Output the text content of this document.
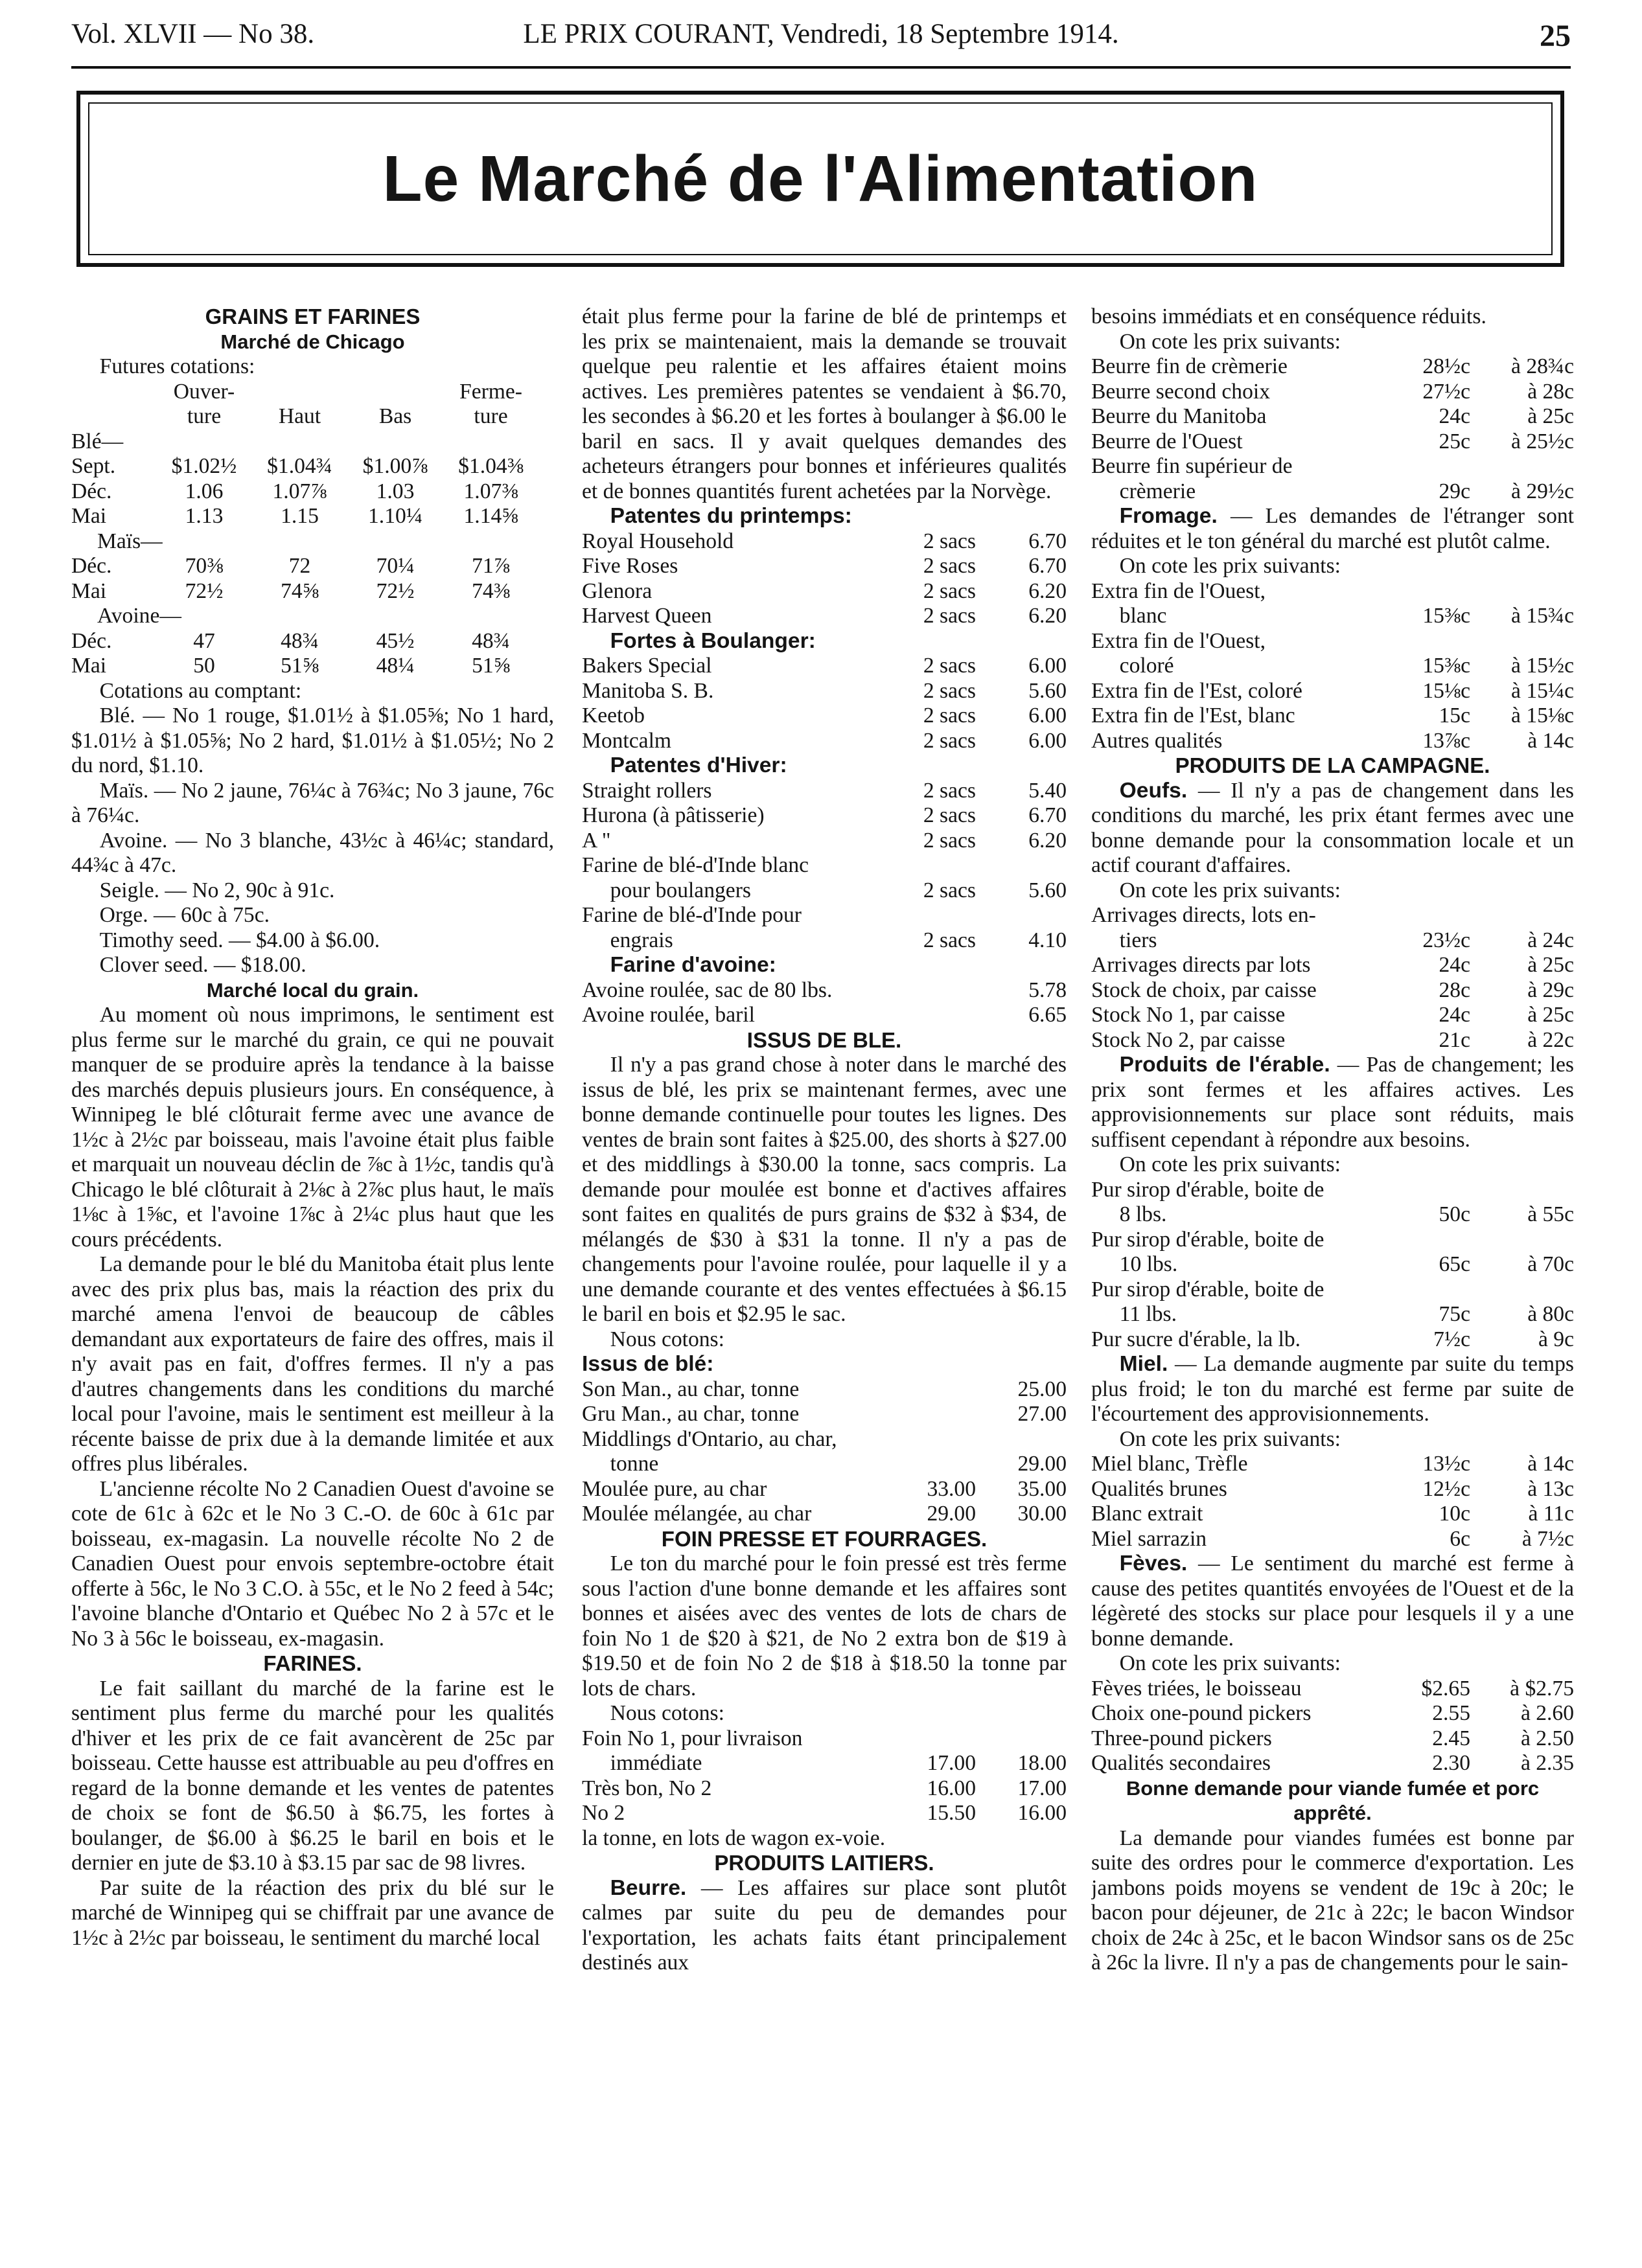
Vol. XLVII — No 38.	LE PRIX COURANT, Vendredi, 18 Septembre 1914.	25
Le Marché de l'Alimentation
GRAINS ET FARINES
Marché de Chicago
Futures cotations:
Ouver-	Ferme-
ture	Haut	Bas	ture
Blé—
Sept.	$1.02½	$1.04¾	$1.00⅞	$1.04⅜
Déc.	1.06	1.07⅞	1.03	1.07⅜
Mai	1.13	1.15	1.10¼	1.14⅝
Maïs—
Déc.	70⅜	72	70¼	71⅞
Mai	72½	74⅝	72½	74⅜
Avoine—
Déc.	47	48¾	45½	48¾
Mai	50	51⅝	48¼	51⅝
Cotations au comptant:

Blé. — No 1 rouge, $1.01½ à $1.05⅝; No 1 hard, $1.01½ à $1.05⅝; No 2 hard, $1.01½ à $1.05½; No 2 du nord, $1.10.

Maïs. — No 2 jaune, 76¼c à 76¾c; No 3 jaune, 76c à 76¼c.

Avoine. — No 3 blanche, 43½c à 46¼c; standard, 44¾c à 47c.

Seigle. — No 2, 90c à 91c.

Orge. — 60c à 75c.

Timothy seed. — $4.00 à $6.00.

Clover seed. — $18.00.

Marché local du grain.

Au moment où nous imprimons, le sentiment est plus ferme sur le marché du grain, ce qui ne pouvait manquer de se produire après la tendance à la baisse des marchés depuis plusieurs jours. En conséquence, à Winnipeg le blé clôturait ferme avec une avance de 1½c à 2½c par boisseau, mais l'avoine était plus faible et marquait un nouveau déclin de ⅞c à 1½c, tandis qu'à Chicago le blé clôturait à 2⅛c à 2⅞c plus haut, le maïs 1⅛c à 1⅝c, et l'avoine 1⅞c à 2¼c plus haut que les cours précédents.

La demande pour le blé du Manitoba était plus lente avec des prix plus bas, mais la réaction des prix du marché amena l'envoi de beaucoup de câbles demandant aux exportateurs de faire des offres, mais il n'y avait pas en fait, d'offres fermes. Il n'y a pas d'autres changements dans les conditions du marché local pour l'avoine, mais le sentiment est meilleur à la récente baisse de prix due à la demande limitée et aux offres plus libérales.

L'ancienne récolte No 2 Canadien Ouest d'avoine se cote de 61c à 62c et le No 3 C.-O. de 60c à 61c par boisseau, ex-magasin. La nouvelle récolte No 2 de Canadien Ouest pour envois septembre-octobre était offerte à 56c, le No 3 C.O. à 55c, et le No 2 feed à 54c; l'avoine blanche d'Ontario et Québec No 2 à 57c et le No 3 à 56c le boisseau, ex-magasin.

FARINES.

Le fait saillant du marché de la farine est le sentiment plus ferme du marché pour les qualités d'hiver et les prix de ce fait avancèrent de 25c par boisseau. Cette hausse est attribuable au peu d'offres en regard de la bonne demande et les ventes de patentes de choix se font de $6.50 à $6.75, les fortes à boulanger, de $6.00 à $6.25 le baril en bois et le dernier en jute de $3.10 à $3.15 par sac de 98 livres.

Par suite de la réaction des prix du blé sur le marché de Winnipeg qui se chiffrait par une avance de 1½c à 2½c par boisseau, le sentiment du marché local

était plus ferme pour la farine de blé de printemps et les prix se maintenaient, mais la demande se trouvait quelque peu ralentie et les affaires étaient moins actives. Les premières patentes se vendaient à $6.70, les secondes à $6.20 et les fortes à boulanger à $6.00 le baril en sacs. Il y avait quelques demandes des acheteurs étrangers pour bonnes et inférieures qualités et de bonnes quantités furent achetées par la Norvège.

Patentes du printemps:
Royal Household	2 sacs	6.70
Five Roses	2 sacs	6.70
Glenora	2 sacs	6.20
Harvest Queen	2 sacs	6.20
Fortes à Boulanger:
Bakers Special	2 sacs	6.00
Manitoba S. B.	2 sacs	5.60
Keetob	2 sacs	6.00
Montcalm	2 sacs	6.00
Patentes d'Hiver:
Straight rollers	2 sacs	5.40
Hurona (à pâtisserie)	2 sacs	6.70
A "	2 sacs	6.20
Farine de blé-d'Inde blanc
pour boulangers	2 sacs	5.60
Farine de blé-d'Inde pour
engrais	2 sacs	4.10
Farine d'avoine:
Avoine roulée, sac de 80 lbs.	5.78
Avoine roulée, baril	6.65
ISSUS DE BLE.

Il n'y a pas grand chose à noter dans le marché des issus de blé, les prix se maintenant fermes, avec une bonne demande continuelle pour toutes les lignes. Des ventes de brain sont faites à $25.00, des shorts à $27.00 et des middlings à $30.00 la tonne, sacs compris. La demande pour moulée est bonne et d'actives affaires sont faites en qualités de purs grains de $32 à $34, de mélangés de $30 à $31 la tonne. Il n'y a pas de changements pour l'avoine roulée, pour laquelle il y a une demande courante et des ventes effectuées à $6.15 le baril en bois et $2.95 le sac.

Nous cotons:
Issus de blé:
Son Man., au char, tonne	25.00
Gru Man., au char, tonne	27.00
Middlings d'Ontario, au char,
tonne	29.00
Moulée pure, au char	33.00	35.00
Moulée mélangée, au char	29.00	30.00
FOIN PRESSE ET FOURRAGES.

Le ton du marché pour le foin pressé est très ferme sous l'action d'une bonne demande et les affaires sont bonnes et aisées avec des ventes de lots de chars de foin No 1 de $20 à $21, de No 2 extra bon de $19 à $19.50 et de foin No 2 de $18 à $18.50 la tonne par lots de chars.

Nous cotons:
Foin No 1, pour livraison
immédiate	17.00	18.00
Très bon, No 2	16.00	17.00
No 2	15.50	16.00
la tonne, en lots de wagon ex-voie.
PRODUITS LAITIERS.

Beurre. — Les affaires sur place sont plutôt calmes par suite du peu de demandes pour l'exportation, les achats faits étant principalement destinés aux

besoins immédiats et en conséquence réduits.

On cote les prix suivants:
Beurre fin de crèmerie	28½c	à 28¾c
Beurre second choix	27½c	à 28c
Beurre du Manitoba	24c	à 25c
Beurre de l'Ouest	25c	à 25½c
Beurre fin supérieur de
crèmerie	29c	à 29½c

Fromage. — Les demandes de l'étranger sont réduites et le ton général du marché est plutôt calme.

On cote les prix suivants:
Extra fin de l'Ouest,
blanc	15⅜c	à 15¾c
Extra fin de l'Ouest,
coloré	15⅜c	à 15½c
Extra fin de l'Est, coloré	15⅛c	à 15¼c
Extra fin de l'Est, blanc	15c	à 15⅛c
Autres qualités	13⅞c	à 14c
PRODUITS DE LA CAMPAGNE.

Oeufs. — Il n'y a pas de changement dans les conditions du marché, les prix étant fermes avec une bonne demande pour la consommation locale et un actif courant d'affaires.

On cote les prix suivants:
Arrivages directs, lots en-
tiers	23½c	à 24c
Arrivages directs par lots	24c	à 25c
Stock de choix, par caisse	28c	à 29c
Stock No 1, par caisse	24c	à 25c
Stock No 2, par caisse	21c	à 22c

Produits de l'érable. — Pas de changement; les prix sont fermes et les affaires actives. Les approvisionnements sur place sont réduits, mais suffisent cependant à répondre aux besoins.

On cote les prix suivants:
Pur sirop d'érable, boite de
8 lbs.	50c	à 55c
Pur sirop d'érable, boite de
10 lbs.	65c	à 70c
Pur sirop d'érable, boite de
11 lbs.	75c	à 80c
Pur sucre d'érable, la lb.	7½c	à 9c

Miel. — La demande augmente par suite du temps plus froid; le ton du marché est ferme par suite de l'écourtement des approvisionnements.

On cote les prix suivants:
Miel blanc, Trèfle	13½c	à 14c
Qualités brunes	12½c	à 13c
Blanc extrait	10c	à 11c
Miel sarrazin	6c	à 7½c

Fèves. — Le sentiment du marché est ferme à cause des petites quantités envoyées de l'Ouest et de la légèreté des stocks sur place pour lesquels il y a une bonne demande.

On cote les prix suivants:
Fèves triées, le boisseau	$2.65	à $2.75
Choix one-pound pickers	2.55	à 2.60
Three-pound pickers	2.45	à 2.50
Qualités secondaires	2.30	à 2.35
Bonne demande pour viande fumée et porc apprêté.

La demande pour viandes fumées est bonne par suite des ordres pour le commerce d'exportation. Les jambons poids moyens se vendent de 19c à 20c; le bacon pour déjeuner, de 21c à 22c; le bacon Windsor choix de 24c à 25c, et le bacon Windsor sans os de 25c à 26c la livre. Il n'y a pas de changements pour le sain-
